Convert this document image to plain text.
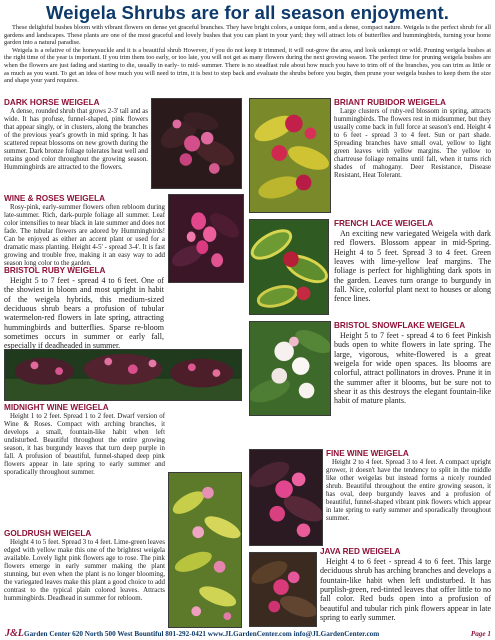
Weigela Shrubs are for all season enjoyment.

These delightful bushes bloom with vibrant flowers on dense yet graceful branches. They have bright colors, a unique form, and a dense, compact nature. Weigela is the perfect shrub for all gardens and landscapes. These plants are one of the most graceful and lovely bushes that you can plant in your yard; they will attract lots of butterflies and hummingbirds, turning your home garden into a natural paradise.

Weigela is a relative of the honeysuckle and it is a beautiful shrub However, if you do not keep it trimmed, it will out-grow the area, and look unkempt or wild. Pruning weigela bushes at the right time of the year is important. If you trim them too early, or too late, you will not get as many flowers during the next growing season. The perfect time for pruning weigela bushes are when the flowers are just fading and starting to die, usually in early- to mid- summer. There is no steadfast rule about how much you have to trim off of the branches, you can trim as little or as much as you want. To get an idea of how much you will need to trim, it is best to step back and evaluate the shrubs before you begin, then prune your weigela bushes to keep them the size and shape your yard requires.

DARK HORSE WEIGELA

A dense, rounded shrub that grows 2-3' tall and as wide. It has profuse, funnel-shaped, pink flowers that appear singly, or in clusters, along the branches of the previous year's growth in mid spring. It has scattered repeat blossoms on new growth during the summer. Dark bronze foliage tolerates heat well and retains good color throughout the growing season. Hummingbirds are attracted to the flowers.

WINE & ROSES WEIGELA

Rosy-pink, early-summer flowers often rebloom during late-summer. Rich, dark-purple foliage all summer. Leaf color intensifies to near black in late summer and does not fade. The tubular flowers are adored by Hummingbirds! Can be enjoyed as either an accent plant or used for a dramatic mass planting. Height 4-5' - spread 3-4'. It is fast growing and trouble free, making it an easy way to add season long color to the garden.

BRISTOL RUBY WEIGELA

Height 5 to 7 feet - spread 4 to 6 feet. One of the showiest in bloom and most upright in habit of the weigela hybrids, this medium-sized deciduous shrub bears a profusion of tubular watermelon-red flowers in late spring, attracting hummingbirds and butterflies. Sparse re-bloom sometimes occurs in summer or early fall, especially if deadheaded in summer.

MIDNIGHT WINE WEIGELA

Height 1 to 2 feet. Spread 1 to 2 feet. Dwarf version of Wine & Roses. Compact with arching branches, it develops a small, fountain-like habit when left undisturbed. Beautiful throughout the entire growing season, it has burgundy leaves that turn deep purple in fall. A profusion of beautiful, funnel-shaped deep pink flowers appear in late spring to early summer and sporadically throughout summer.

GOLDRUSH WEIGELA

Height 4 to 5 feet. Spread 3 to 4 feet. Lime-green leaves edged with yellow make this one of the brightest weigela available. Lovely light pink flowers age to rose. The pink flowers emerge in early summer making the plant stunning, but even when the plant is no longer blooming, the variegated leaves make this plant a good choice to add contrast to the typical plain colored leaves. Attracts hummingbirds. Deadhead in summer for rebloom.

BRIANT RUBIDOR WEIGELA

Large clusters of ruby-red blossom in spring, attracts hummingbirds. The flowers rest in midsummer, but they usually come back in full force at season's end. Height 4 to 6 feet - spread 3 to 4 feet. Sun or part shade. Spreading branches have small oval, yellow to light green leaves with yellow margins. The yellow to chartreuse foliage remains until fall, when it turns rich shades of mahogany. Deer Resistance, Disease Resistant, Heat Tolerant.

FRENCH LACE WEIGELA

An exciting new variegated Weigela with dark red flowers. Blossom appear in mid-Spring. Height 4 to 5 feet. Spread 3 to 4 feet. Green leaves with lime-yellow leaf margins. The foliage is perfect for highlighting dark spots in the garden. Leaves turn orange to burgundy in fall. Nice, colorful plant next to houses or along fence lines.

BRISTOL SNOWFLAKE WEIGELA

Height 5 to 7 feet - spread 4 to 6 feet Pinkish buds open to white flowers in late spring. The large, vigorous, white-flowered is a great weigela for wide open spaces. Its blooms are colorful, attract pollinators in droves. Prune it in the summer after it blooms, but be sure not to shear it as this destroys the elegant fountain-like habit of mature plants.

FINE WINE WEIGELA

Height 2 to 4 feet. Spread 3 to 4 feet. A compact upright grower, it doesn't have the tendency to split in the middle like other weigelas but instead forms a nicely rounded shrub. Beautiful throughout the entire growing season, it has oval, deep burgundy leaves and a profusion of beautiful, funnel-shaped vibrant pink flowers which appear in late spring to early summer and sporadically throughout summer.

JAVA RED WEIGELA

Height 4 to 6 feet - spread 4 to 6 feet. This large deciduous shrub has arching branches and develops a fountain-like habit when left undisturbed. It has purplish-green, red-tinted leaves that offer little to no fall color. Red buds open into a profusion of beautiful and tubular rich pink flowers appear in late spring to early summer.

J&L Garden Center 620 North 500 West Bountiful 801-292-0421 www.JLGardenCenter.com info@JLGardenCenter.com	Page 1
